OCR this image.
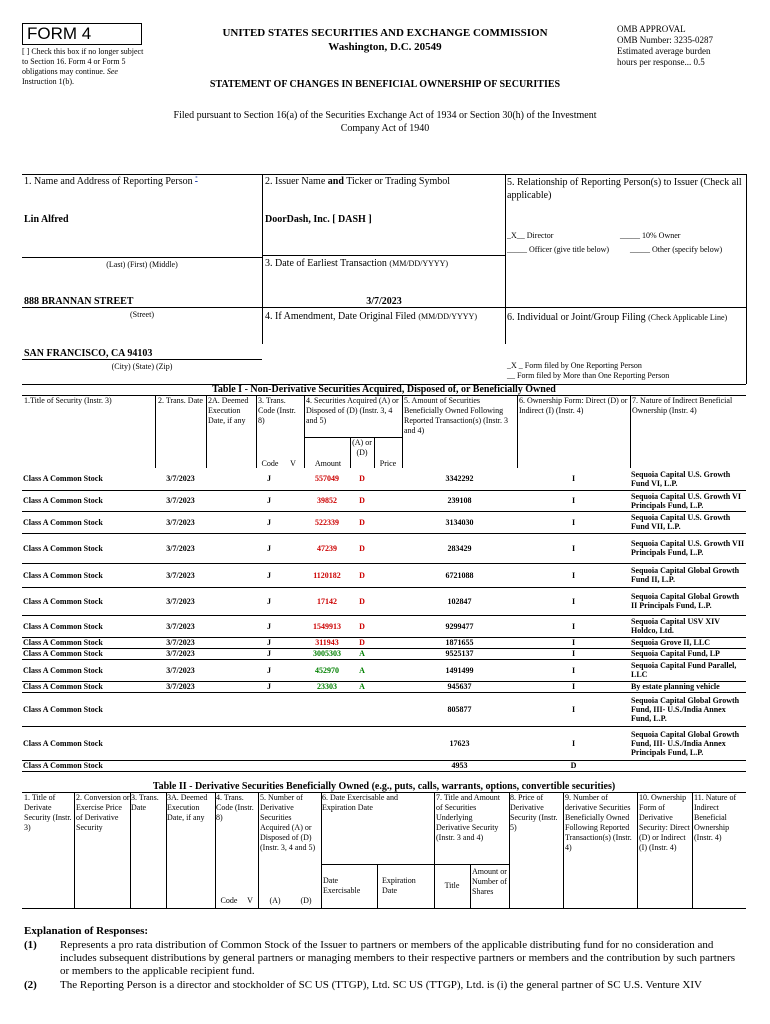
FORM 4
[ ] Check this box if no longer subject to Section 16. Form 4 or Form 5 obligations may continue. See Instruction 1(b).
UNITED STATES SECURITIES AND EXCHANGE COMMISSION
Washington, D.C. 20549
STATEMENT OF CHANGES IN BENEFICIAL OWNERSHIP OF SECURITIES
OMB APPROVAL
OMB Number: 3235-0287
Estimated average burden
hours per response... 0.5
Filed pursuant to Section 16(a) of the Securities Exchange Act of 1934 or Section 30(h) of the Investment Company Act of 1940
1. Name and Address of Reporting Person *
Lin Alfred
(Last) (First) (Middle)
888 BRANNAN STREET
(Street)
SAN FRANCISCO, CA 94103
(City) (State) (Zip)
2. Issuer Name and Ticker or Trading Symbol
DoorDash, Inc. [ DASH ]
3. Date of Earliest Transaction (MM/DD/YYYY)
3/7/2023
4. If Amendment, Date Original Filed (MM/DD/YYYY)
5. Relationship of Reporting Person(s) to Issuer (Check all applicable)
_X__ Director	_____ 10% Owner
_____ Officer (give title below)	_____ Other (specify below)
6. Individual or Joint/Group Filing (Check Applicable Line)
_X _ Form filed by One Reporting Person
__ Form filed by More than One Reporting Person
Table I - Non-Derivative Securities Acquired, Disposed of, or Beneficially Owned
1.Title of Security (Instr. 3)	2. Trans. Date 2A. Deemed Execution Date, if any
3. Trans. Code (Instr. 8)
4. Securities Acquired (A) or Disposed of (D) (Instr. 3, 4 and 5)
5. Amount of Securities Beneficially Owned Following Reported Transaction(s) (Instr. 3 and 4)
6. Ownership Form: Direct (D) or Indirect (I) (Instr. 4)
7. Nature of Indirect Beneficial Ownership (Instr. 4)
Code	V	Amount
(A) or (D)
Price
Class A Common Stock	3/7/2023		J		557049	D		3342292	I	Sequoia Capital U.S. Growth Fund VI, L.P.
Class A Common Stock	3/7/2023		J		39852	D		239108	I	Sequoia Capital U.S. Growth VI Principals Fund, L.P.
Class A Common Stock	3/7/2023		J		522339	D		3134030	I	Sequoia Capital U.S. Growth Fund VII, L.P.
Class A Common Stock	3/7/2023		J		47239	D		283429	I	Sequoia Capital U.S. Growth VII Principals Fund, L.P.
Class A Common Stock	3/7/2023		J		1120182	D		6721088	I	Sequoia Capital Global Growth Fund II, L.P.
Class A Common Stock	3/7/2023		J		17142	D		102847	I	Sequoia Capital Global Growth II Principals Fund, L.P.
Class A Common Stock	3/7/2023		J		1549913	D		9299477	I	Sequoia Capital USV XIV Holdco, Ltd.
Class A Common Stock	3/7/2023		J		311943	D		1871655	I	Sequoia Grove II, LLC
Class A Common Stock	3/7/2023		J		3005303	A		9525137	I	Sequoia Capital Fund, LP
Class A Common Stock	3/7/2023		J		452970	A		1491499	I	Sequoia Capital Fund Parallel, LLC
Class A Common Stock	3/7/2023		J		23303	A		945637	I	By estate planning vehicle
Class A Common Stock								805877	I	Sequoia Capital Global Growth Fund, III- U.S./India Annex Fund, L.P.
Class A Common Stock								17623	I	Sequoia Capital Global Growth Fund, III- U.S./India Annex Principals Fund, L.P.
Class A Common Stock								4953	D	
Table II - Derivative Securities Beneficially Owned (e.g., puts, calls, warrants, options, convertible securities)
1. Title of Derivate Security (Instr. 3)
2. Conversion or Exercise Price of Derivative Security
3. Trans. Date
3A. Deemed Execution Date, if any
4. Trans. Code (Instr. 8)
5. Number of Derivative Securities Acquired (A) or Disposed of (D) (Instr. 3, 4 and 5)
6. Date Exercisable and Expiration Date
7. Title and Amount of Securities Underlying Derivative Security (Instr. 3 and 4)
8. Price of Derivative Security (Instr. 5)
9. Number of derivative Securities Beneficially Owned Following Reported Transaction(s) (Instr. 4)
10. Ownership Form of Derivative Security: Direct (D) or Indirect (I) (Instr. 4)
11. Nature of Indirect Beneficial Ownership (Instr. 4)
Code	V	(A)	(D)
Date Exercisable
Expiration Date
Title
Amount or Number of Shares
Explanation of Responses:
(1) Represents a pro rata distribution of Common Stock of the Issuer to partners or members of the applicable distributing fund for no consideration and includes subsequent distributions by general partners or managing members to their respective partners or members and the contribution by such partners or members to the applicable recipient fund.
(2) The Reporting Person is a director and stockholder of SC US (TTGP), Ltd. SC US (TTGP), Ltd. is (i) the general partner of SC U.S. Venture XIV
